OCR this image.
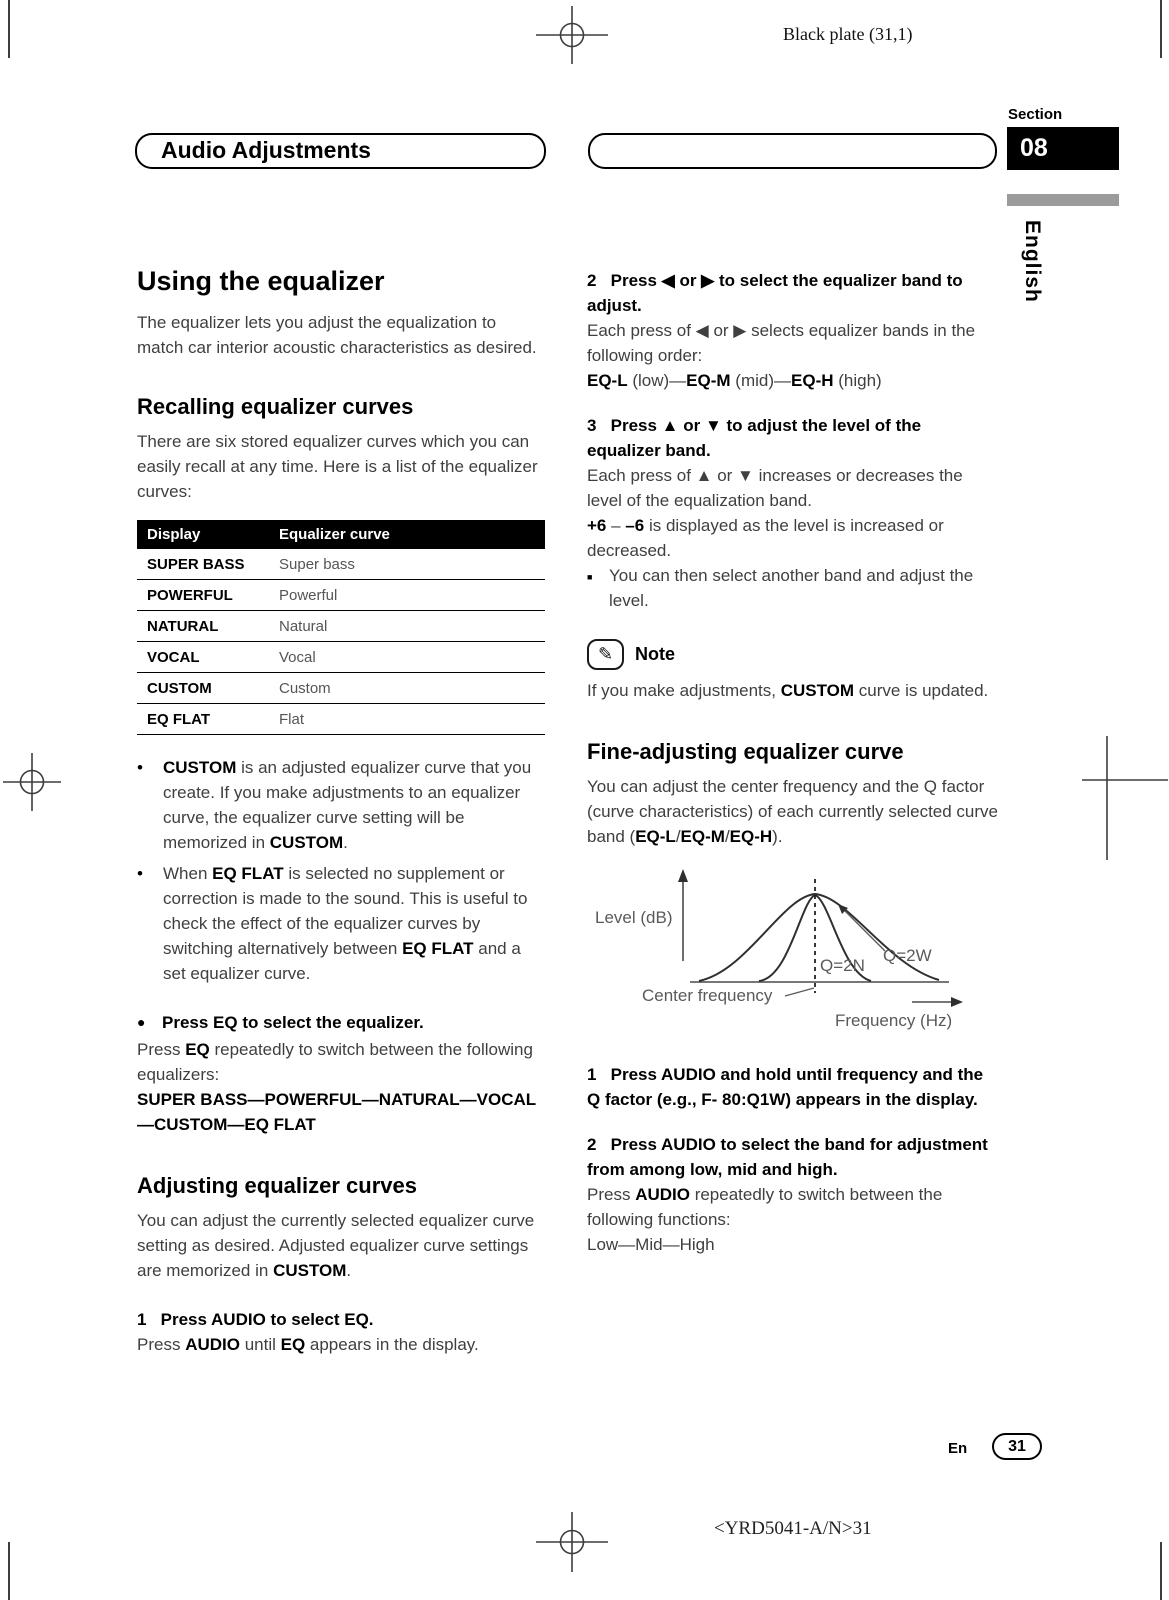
Black plate (31,1)
Audio Adjustments
Section
08
English
Using the equalizer

The equalizer lets you adjust the equalization to match car interior acoustic characteristics as desired.

Recalling equalizer curves

There are six stored equalizer curves which you can easily recall at any time. Here is a list of the equalizer curves:

Display	Equalizer curve
SUPER BASS	Super bass
POWERFUL	Powerful
NATURAL	Natural
VOCAL	Vocal
CUSTOM	Custom
EQ FLAT	Flat
•	CUSTOM is an adjusted equalizer curve that you create. If you make adjustments to an equalizer curve, the equalizer curve setting will be memorized in CUSTOM.

•	When EQ FLAT is selected no supplement or correction is made to the sound. This is useful to check the effect of the equalizer curves by switching alternatively between EQ FLAT and a set equalizer curve.

● Press EQ to select the equalizer.

Press EQ repeatedly to switch between the following equalizers:

SUPER BASS—POWERFUL—NATURAL—VOCAL—CUSTOM—EQ FLAT

Adjusting equalizer curves

You can adjust the currently selected equalizer curve setting as desired. Adjusted equalizer curve settings are memorized in CUSTOM.

1   Press AUDIO to select EQ.

Press AUDIO until EQ appears in the display.

2   Press ◀ or ▶ to select the equalizer band to adjust.

Each press of ◀ or ▶ selects equalizer bands in the following order:

EQ-L (low)—EQ-M (mid)—EQ-H (high)

3   Press ▲ or ▼ to adjust the level of the equalizer band.

Each press of ▲ or ▼ increases or decreases the level of the equalization band.

+6 – –6 is displayed as the level is increased or decreased.

■ You can then select another band and adjust the level.

✎	Note

If you make adjustments, CUSTOM curve is updated.

Fine-adjusting equalizer curve

You can adjust the center frequency and the Q factor (curve characteristics) of each currently selected curve band (EQ-L/EQ-M/EQ-H).

Level (dB)
Q=2N
Q=2W
Center frequency
Frequency (Hz)

1   Press AUDIO and hold until frequency and the Q factor (e.g., F- 80:Q1W) appears in the display.

2   Press AUDIO to select the band for adjustment from among low, mid and high.

Press AUDIO repeatedly to switch between the following functions:

Low—Mid—High

En	31
<YRD5041-A/N>31
